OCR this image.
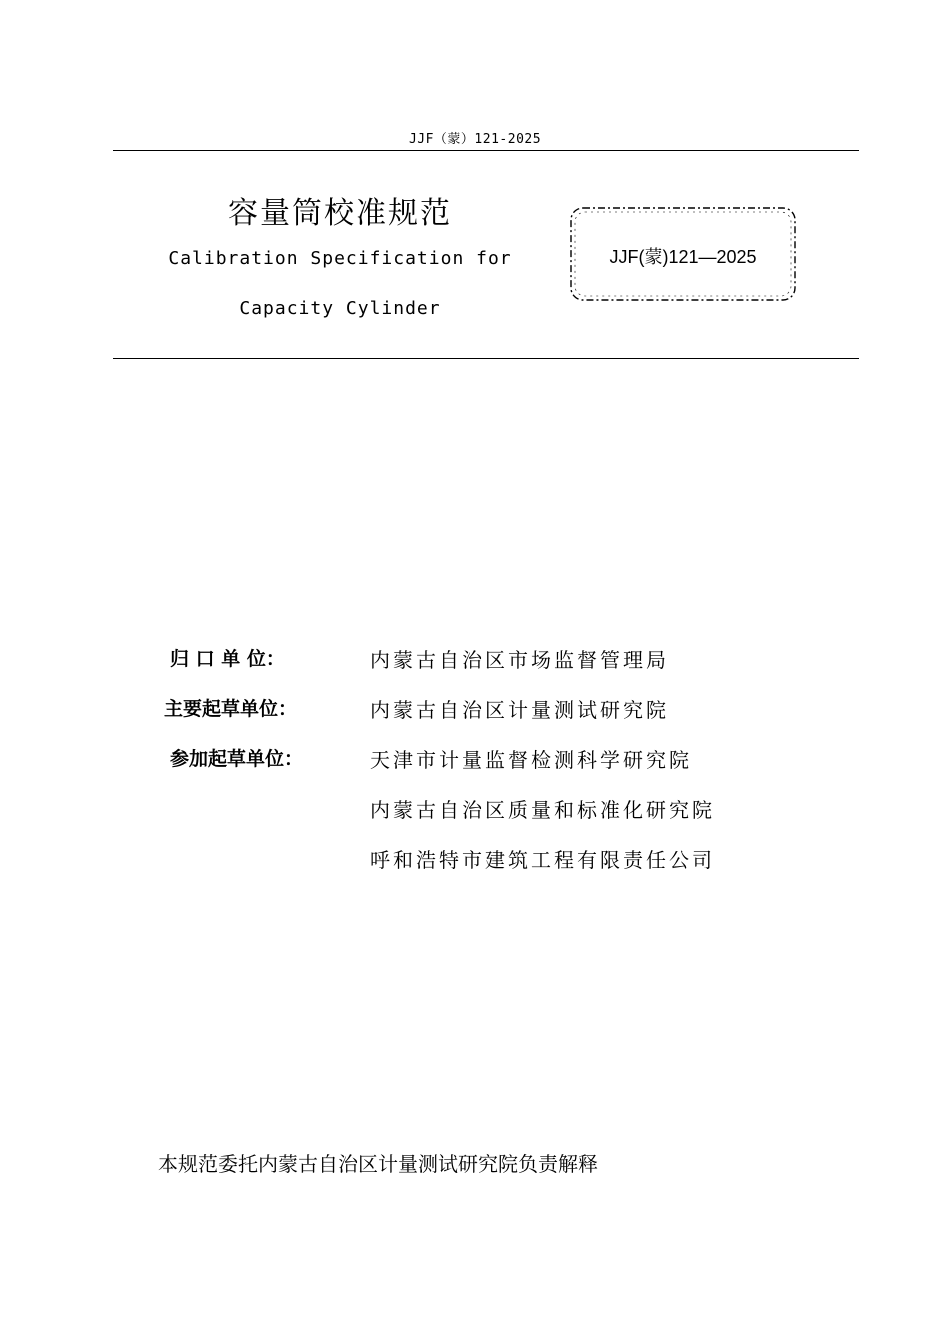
JJF（蒙）121-2025
容量筒校准规范
Calibration Specification for
Capacity Cylinder
JJF(蒙)121—2025
归 口 单 位：	内蒙古自治区市场监督管理局
主要起草单位：	内蒙古自治区计量测试研究院
参加起草单位：	天津市计量监督检测科学研究院
内蒙古自治区质量和标准化研究院
呼和浩特市建筑工程有限责任公司
本规范委托内蒙古自治区计量测试研究院负责解释
